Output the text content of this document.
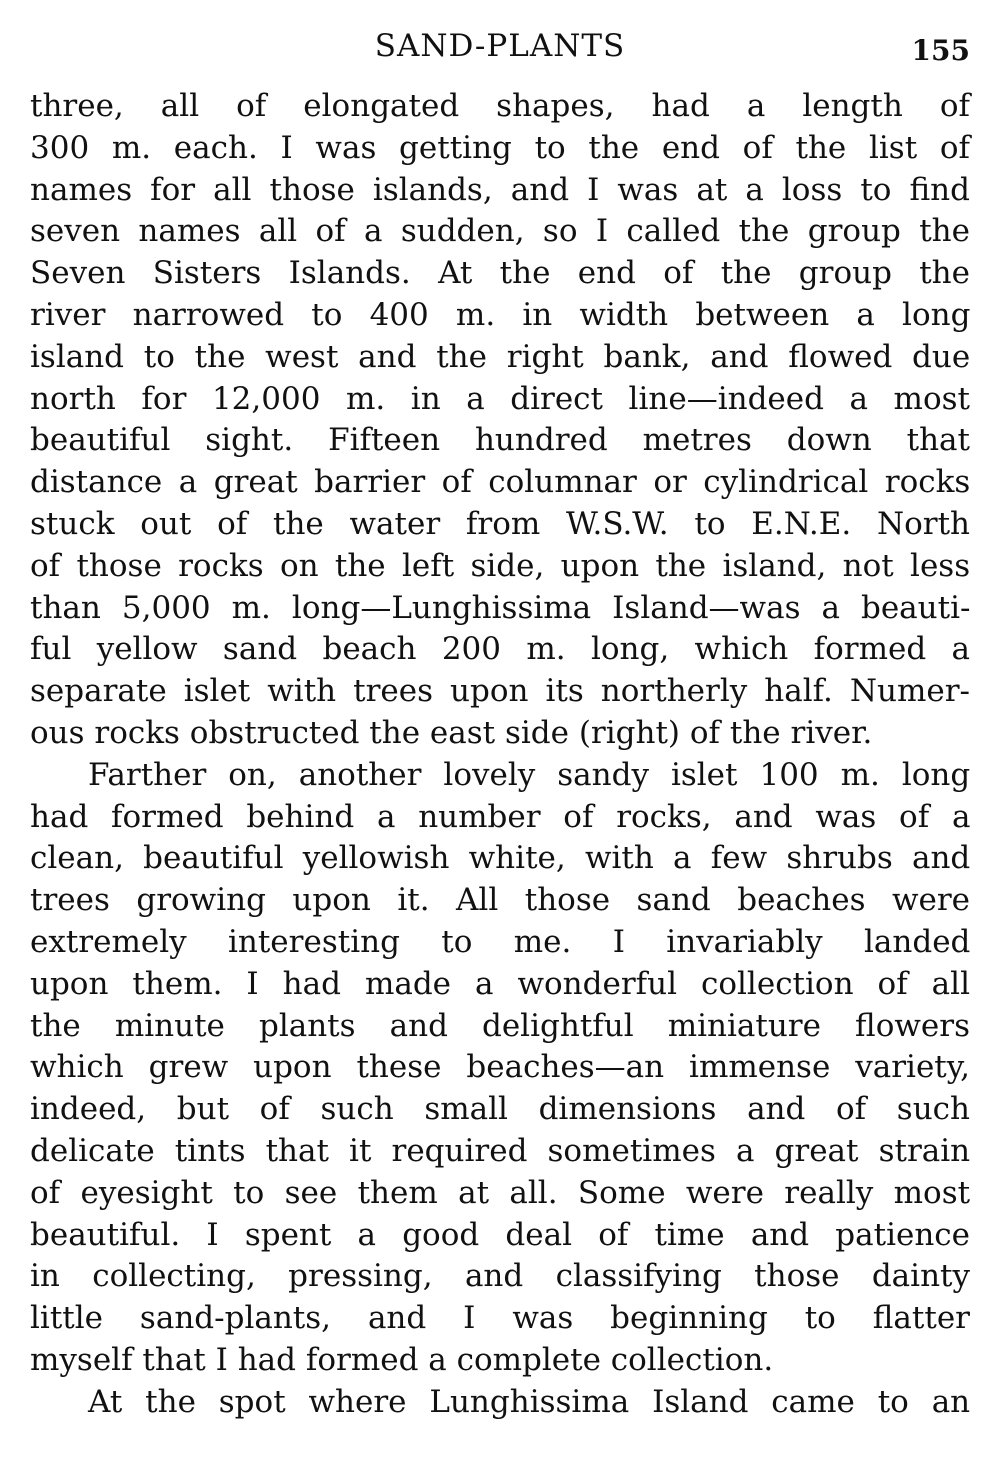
SAND-PLANTS	155

three, all of elongated shapes, had a length of
300 m. each. I was getting to the end of the list of
names for all those islands, and I was at a loss to find
seven names all of a sudden, so I called the group the
Seven Sisters Islands. At the end of the group the
river narrowed to 400 m. in width between a long
island to the west and the right bank, and flowed due
north for 12,000 m. in a direct line—indeed a most
beautiful sight. Fifteen hundred metres down that
distance a great barrier of columnar or cylindrical rocks
stuck out of the water from W.S.W. to E.N.E. North
of those rocks on the left side, upon the island, not less
than 5,000 m. long—Lunghissima Island—was a beauti-
ful yellow sand beach 200 m. long, which formed a
separate islet with trees upon its northerly half. Numer-
ous rocks obstructed the east side (right) of the river.

Farther on, another lovely sandy islet 100 m. long
had formed behind a number of rocks, and was of a
clean, beautiful yellowish white, with a few shrubs and
trees growing upon it. All those sand beaches were
extremely interesting to me. I invariably landed
upon them. I had made a wonderful collection of all
the minute plants and delightful miniature flowers
which grew upon these beaches—an immense variety,
indeed, but of such small dimensions and of such
delicate tints that it required sometimes a great strain
of eyesight to see them at all. Some were really most
beautiful. I spent a good deal of time and patience
in collecting, pressing, and classifying those dainty
little sand-plants, and I was beginning to flatter
myself that I had formed a complete collection.

At the spot where Lunghissima Island came to an
